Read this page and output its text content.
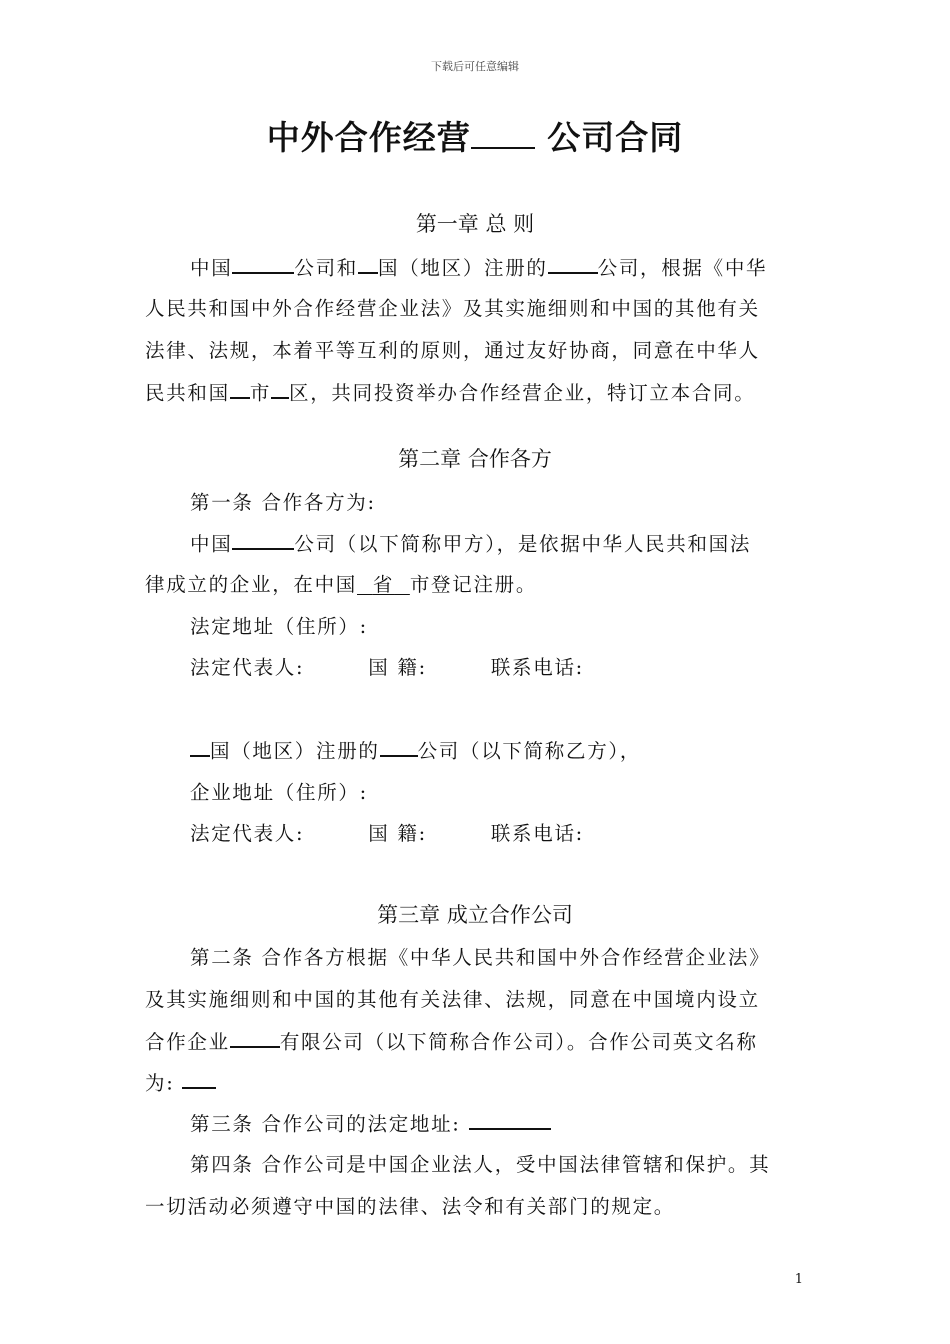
下载后可任意编辑
中外合作经营 公司合同
第一章 总 则
中国	公司和 国（地区）注册的	公司，根据《中华
人民共和国中外合作经营企业法》及其实施细则和中国的其他有关
法律、法规，本着平等互利的原则，通过友好协商，同意在中华人
民共和国 市 区，共同投资举办合作经营企业，特订立本合同。
第二章 合作各方
第一条 合作各方为:
中国	公司（以下简称甲方），是依据中华人民共和国法
律成立的企业，在中国 省 市登记注册。
法定地址（住所）:
法定代表人:	国 籍:	联系电话:
国（地区）注册的 公司（以下简称乙方），
企业地址（住所）:
法定代表人:	国 籍:	联系电话:
第三章 成立合作公司
第二条 合作各方根据《中华人民共和国中外合作经营企业法》
及其实施细则和中国的其他有关法律、法规，同意在中国境内设立
合作企业	有限公司（以下简称合作公司）。合作公司英文名称
为:
第三条 合作公司的法定地址:
第四条 合作公司是中国企业法人，受中国法律管辖和保护。其
一切活动必须遵守中国的法律、法令和有关部门的规定。
1
